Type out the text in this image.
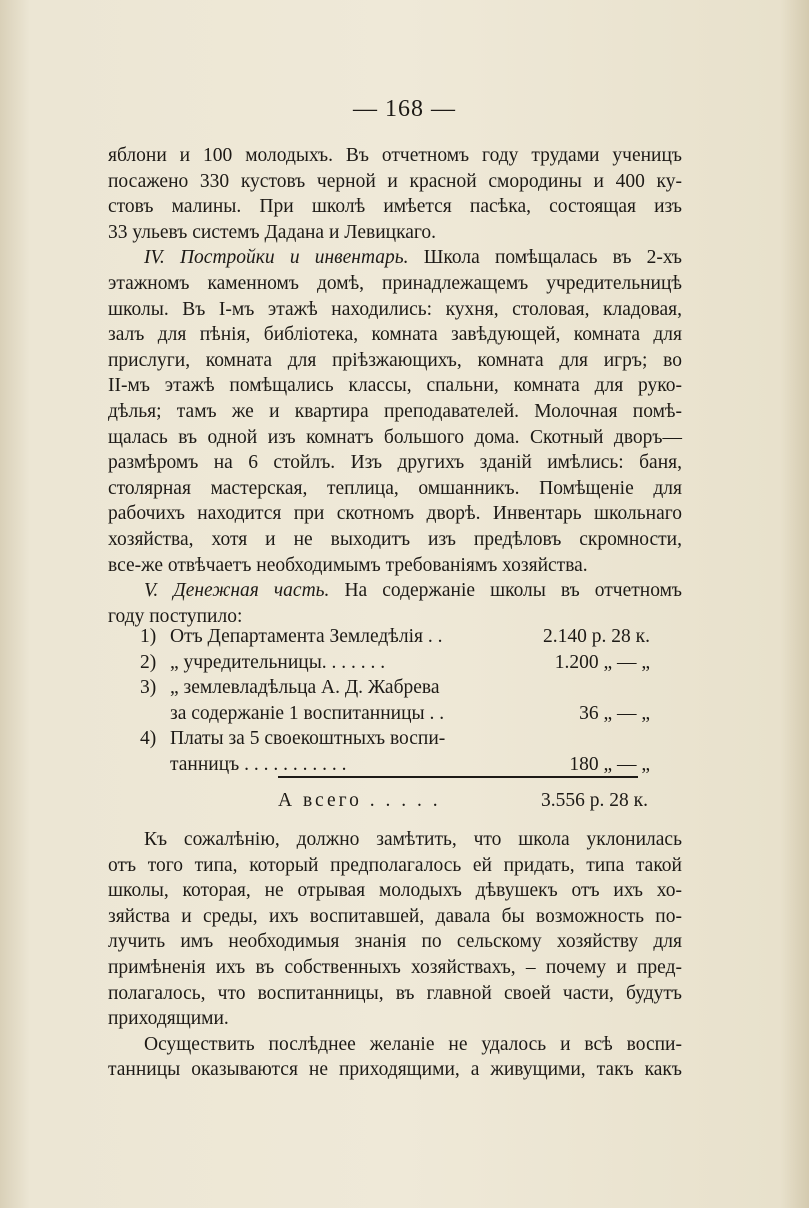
— 168 —

яблони и 100 молодыхъ. Въ отчетномъ году трудами ученицъ

посажено 330 кустовъ черной и красной смородины и 400 ку-

стовъ малины. При школѣ имѣется пасѣка, состоящая изъ

33 ульевъ системъ Дадана и Левицкаго.

IV. Постройки и инвентарь. Школа помѣщалась въ 2-хъ

этажномъ каменномъ домѣ, принадлежащемъ учредительницѣ

школы. Въ I-мъ этажѣ находились: кухня, столовая, кладовая,

залъ для пѣнія, библіотека, комната завѣдующей, комната для

прислуги, комната для пріѣзжающихъ, комната для игръ; во

II-мъ этажѣ помѣщались классы, спальни, комната для руко-

дѣлья; тамъ же и квартира преподавателей. Молочная помѣ-

щалась въ одной изъ комнатъ большого дома. Скотный дворъ—

размѣромъ на 6 стойлъ. Изъ другихъ зданій имѣлись: баня,

столярная мастерская, теплица, омшанникъ. Помѣщеніе для

рабочихъ находится при скотномъ дворѣ. Инвентарь школьнаго

хозяйства, хотя и не выходитъ изъ предѣловъ скромности,

все-же отвѣчаетъ необходимымъ требованіямъ хозяйства.

V. Денежная часть. На содержаніе школы въ отчетномъ

году поступило:

1) Отъ Департамента Земледѣлія . .	2.140 р. 28 к.
2) „ учредительницы. . . . . . .	1.200 „ — „
3) „ землевладѣльца А. Д. Жабрева
за содержаніе 1 воспитанницы . .	36 „ — „
4) Платы за 5 своекоштныхъ воспи-
танницъ . . . . . . . . . . .	180 „ — „
А всего . . . . .	3.556 р. 28 к.

Къ сожалѣнію, должно замѣтить, что школа уклонилась

отъ того типа, который предполагалось ей придать, типа такой

школы, которая, не отрывая молодыхъ дѣвушекъ отъ ихъ хо-

зяйства и среды, ихъ воспитавшей, давала бы возможность по-

лучить имъ необходимыя знанія по сельскому хозяйству для

примѣненія ихъ въ собственныхъ хозяйствахъ, – почему и пред-

полагалось, что воспитанницы, въ главной своей части, будутъ

приходящими.

Осуществить послѣднее желаніе не удалось и всѣ воспи-

танницы оказываются не приходящими, а живущими, такъ какъ
